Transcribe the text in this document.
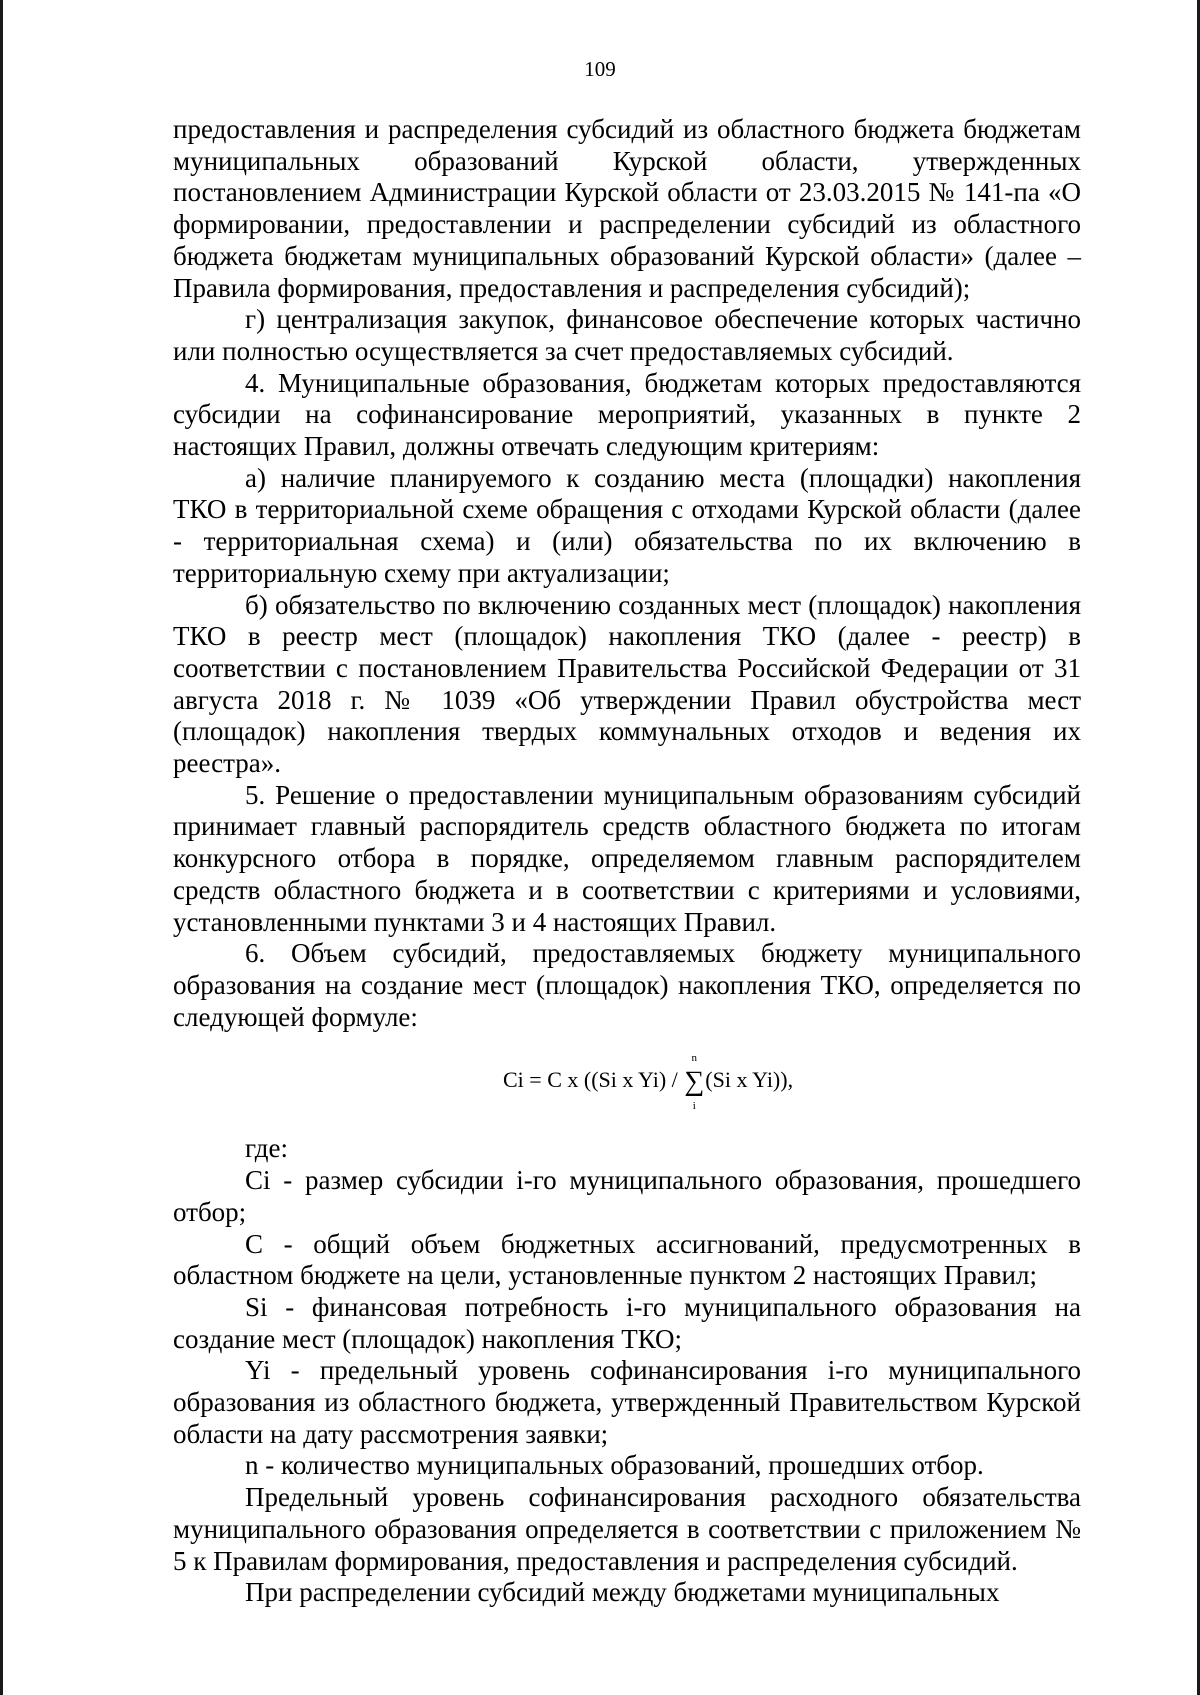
109

предоставления и распределения субсидий из областного бюджета бюджетам муниципальных образований Курской области, утвержденных постановлением Администрации Курской области от 23.03.2015 № 141-па «О формировании, предоставлении и распределении субсидий из областного бюджета бюджетам муниципальных образований Курской области» (далее – Правила формирования, предоставления и распределения субсидий);

г) централизация закупок, финансовое обеспечение которых частично или полностью осуществляется за счет предоставляемых субсидий.

4. Муниципальные образования, бюджетам которых предоставляются субсидии на софинансирование мероприятий, указанных в пункте 2 настоящих Правил, должны отвечать следующим критериям:

а) наличие планируемого к созданию места (площадки) накопления ТКО в территориальной схеме обращения с отходами Курской области (далее - территориальная схема) и (или) обязательства по их включению в территориальную схему при актуализации;

б) обязательство по включению созданных мест (площадок) накопления ТКО в реестр мест (площадок) накопления ТКО (далее - реестр) в соответствии с постановлением Правительства Российской Федерации от 31 августа 2018 г. № 1039 «Об утверждении Правил обустройства мест (площадок) накопления твердых коммунальных отходов и ведения их реестра».

5. Решение о предоставлении муниципальным образованиям субсидий принимает главный распорядитель средств областного бюджета по итогам конкурсного отбора в порядке, определяемом главным распорядителем средств областного бюджета и в соответствии с критериями и условиями, установленными пунктами 3 и 4 настоящих Правил.

6. Объем субсидий, предоставляемых бюджету муниципального образования на создание мест (площадок) накопления ТКО, определяется по следующей формуле:

Ci = C x ((Si x Yi) /
n
∑
i
(Si x Yi)),

где:

Ci - размер субсидии i-го муниципального образования, прошедшего отбор;

C - общий объем бюджетных ассигнований, предусмотренных в областном бюджете на цели, установленные пунктом 2 настоящих Правил;

Si - финансовая потребность i-го муниципального образования на создание мест (площадок) накопления ТКО;

Yi - предельный уровень софинансирования i-го муниципального образования из областного бюджета, утвержденный Правительством Курской области на дату рассмотрения заявки;

n - количество муниципальных образований, прошедших отбор.

Предельный уровень софинансирования расходного обязательства муниципального образования определяется в соответствии с приложением № 5 к Правилам формирования, предоставления и распределения субсидий.

При распределении субсидий между бюджетами муниципальных
